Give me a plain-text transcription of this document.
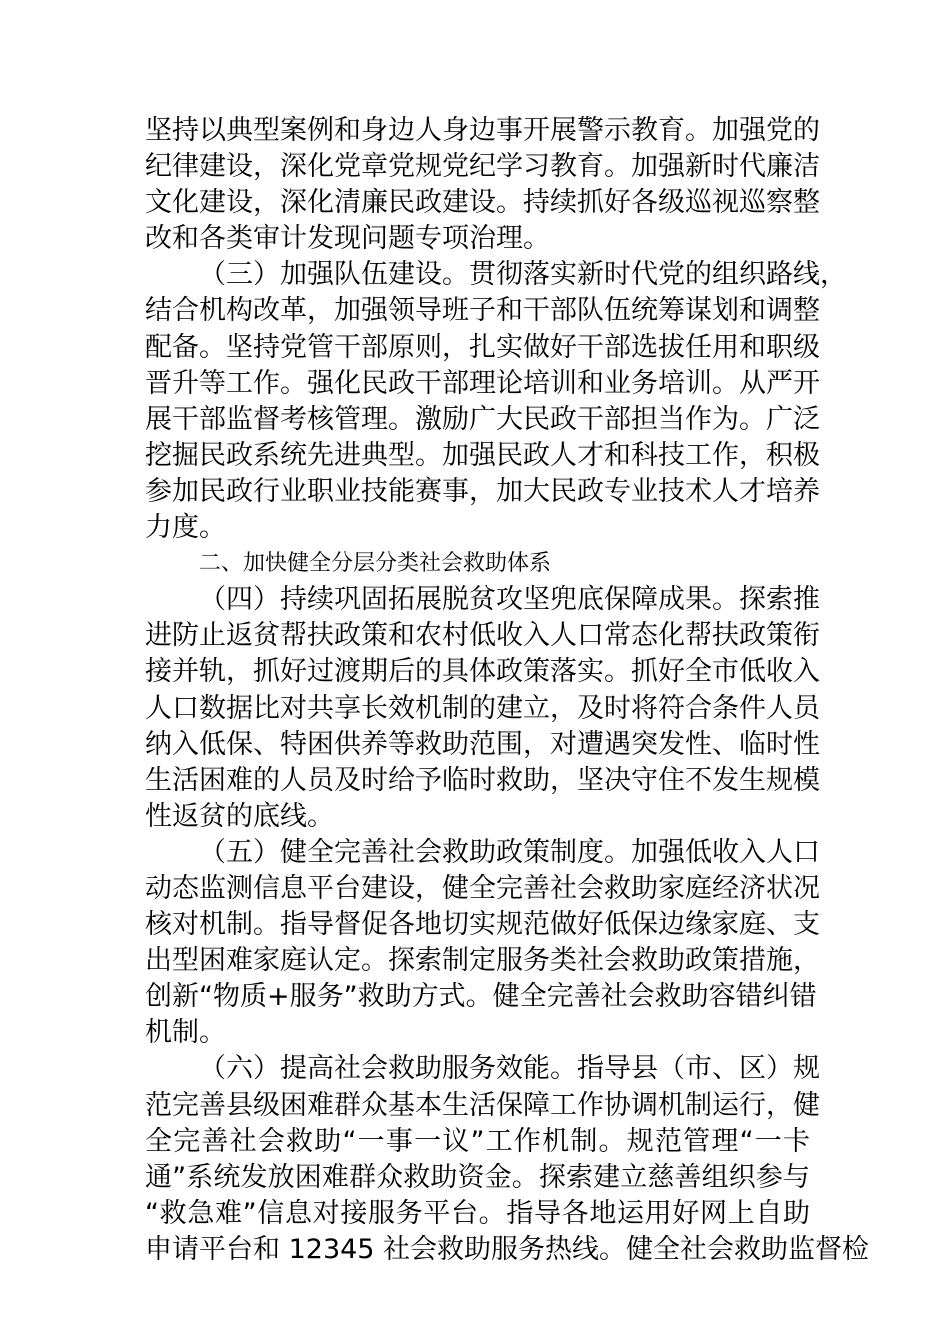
坚持以典型案例和身边人身边事开展警示教育。加强党的
纪律建设，深化党章党规党纪学习教育。加强新时代廉洁
文化建设，深化清廉民政建设。持续抓好各级巡视巡察整
改和各类审计发现问题专项治理。

（三）加强队伍建设。贯彻落实新时代党的组织路线，
结合机构改革，加强领导班子和干部队伍统筹谋划和调整
配备。坚持党管干部原则，扎实做好干部选拔任用和职级
晋升等工作。强化民政干部理论培训和业务培训。从严开
展干部监督考核管理。激励广大民政干部担当作为。广泛
挖掘民政系统先进典型。加强民政人才和科技工作，积极
参加民政行业职业技能赛事，加大民政专业技术人才培养
力度。

二、加快健全分层分类社会救助体系

（四）持续巩固拓展脱贫攻坚兜底保障成果。探索推
进防止返贫帮扶政策和农村低收入人口常态化帮扶政策衔
接并轨，抓好过渡期后的具体政策落实。抓好全市低收入
人口数据比对共享长效机制的建立，及时将符合条件人员
纳入低保、特困供养等救助范围，对遭遇突发性、临时性
生活困难的人员及时给予临时救助，坚决守住不发生规模
性返贫的底线。

（五）健全完善社会救助政策制度。加强低收入人口
动态监测信息平台建设，健全完善社会救助家庭经济状况
核对机制。指导督促各地切实规范做好低保边缘家庭、支
出型困难家庭认定。探索制定服务类社会救助政策措施，
创新“物质+服务”救助方式。健全完善社会救助容错纠错
机制。

（六）提高社会救助服务效能。指导县（市、区）规
范完善县级困难群众基本生活保障工作协调机制运行，健
全完善社会救助“一事一议”工作机制。规范管理“一卡
通”系统发放困难群众救助资金。探索建立慈善组织参与
“救急难”信息对接服务平台。指导各地运用好网上自助
申请平台和 12345 社会救助服务热线。健全社会救助监督检
